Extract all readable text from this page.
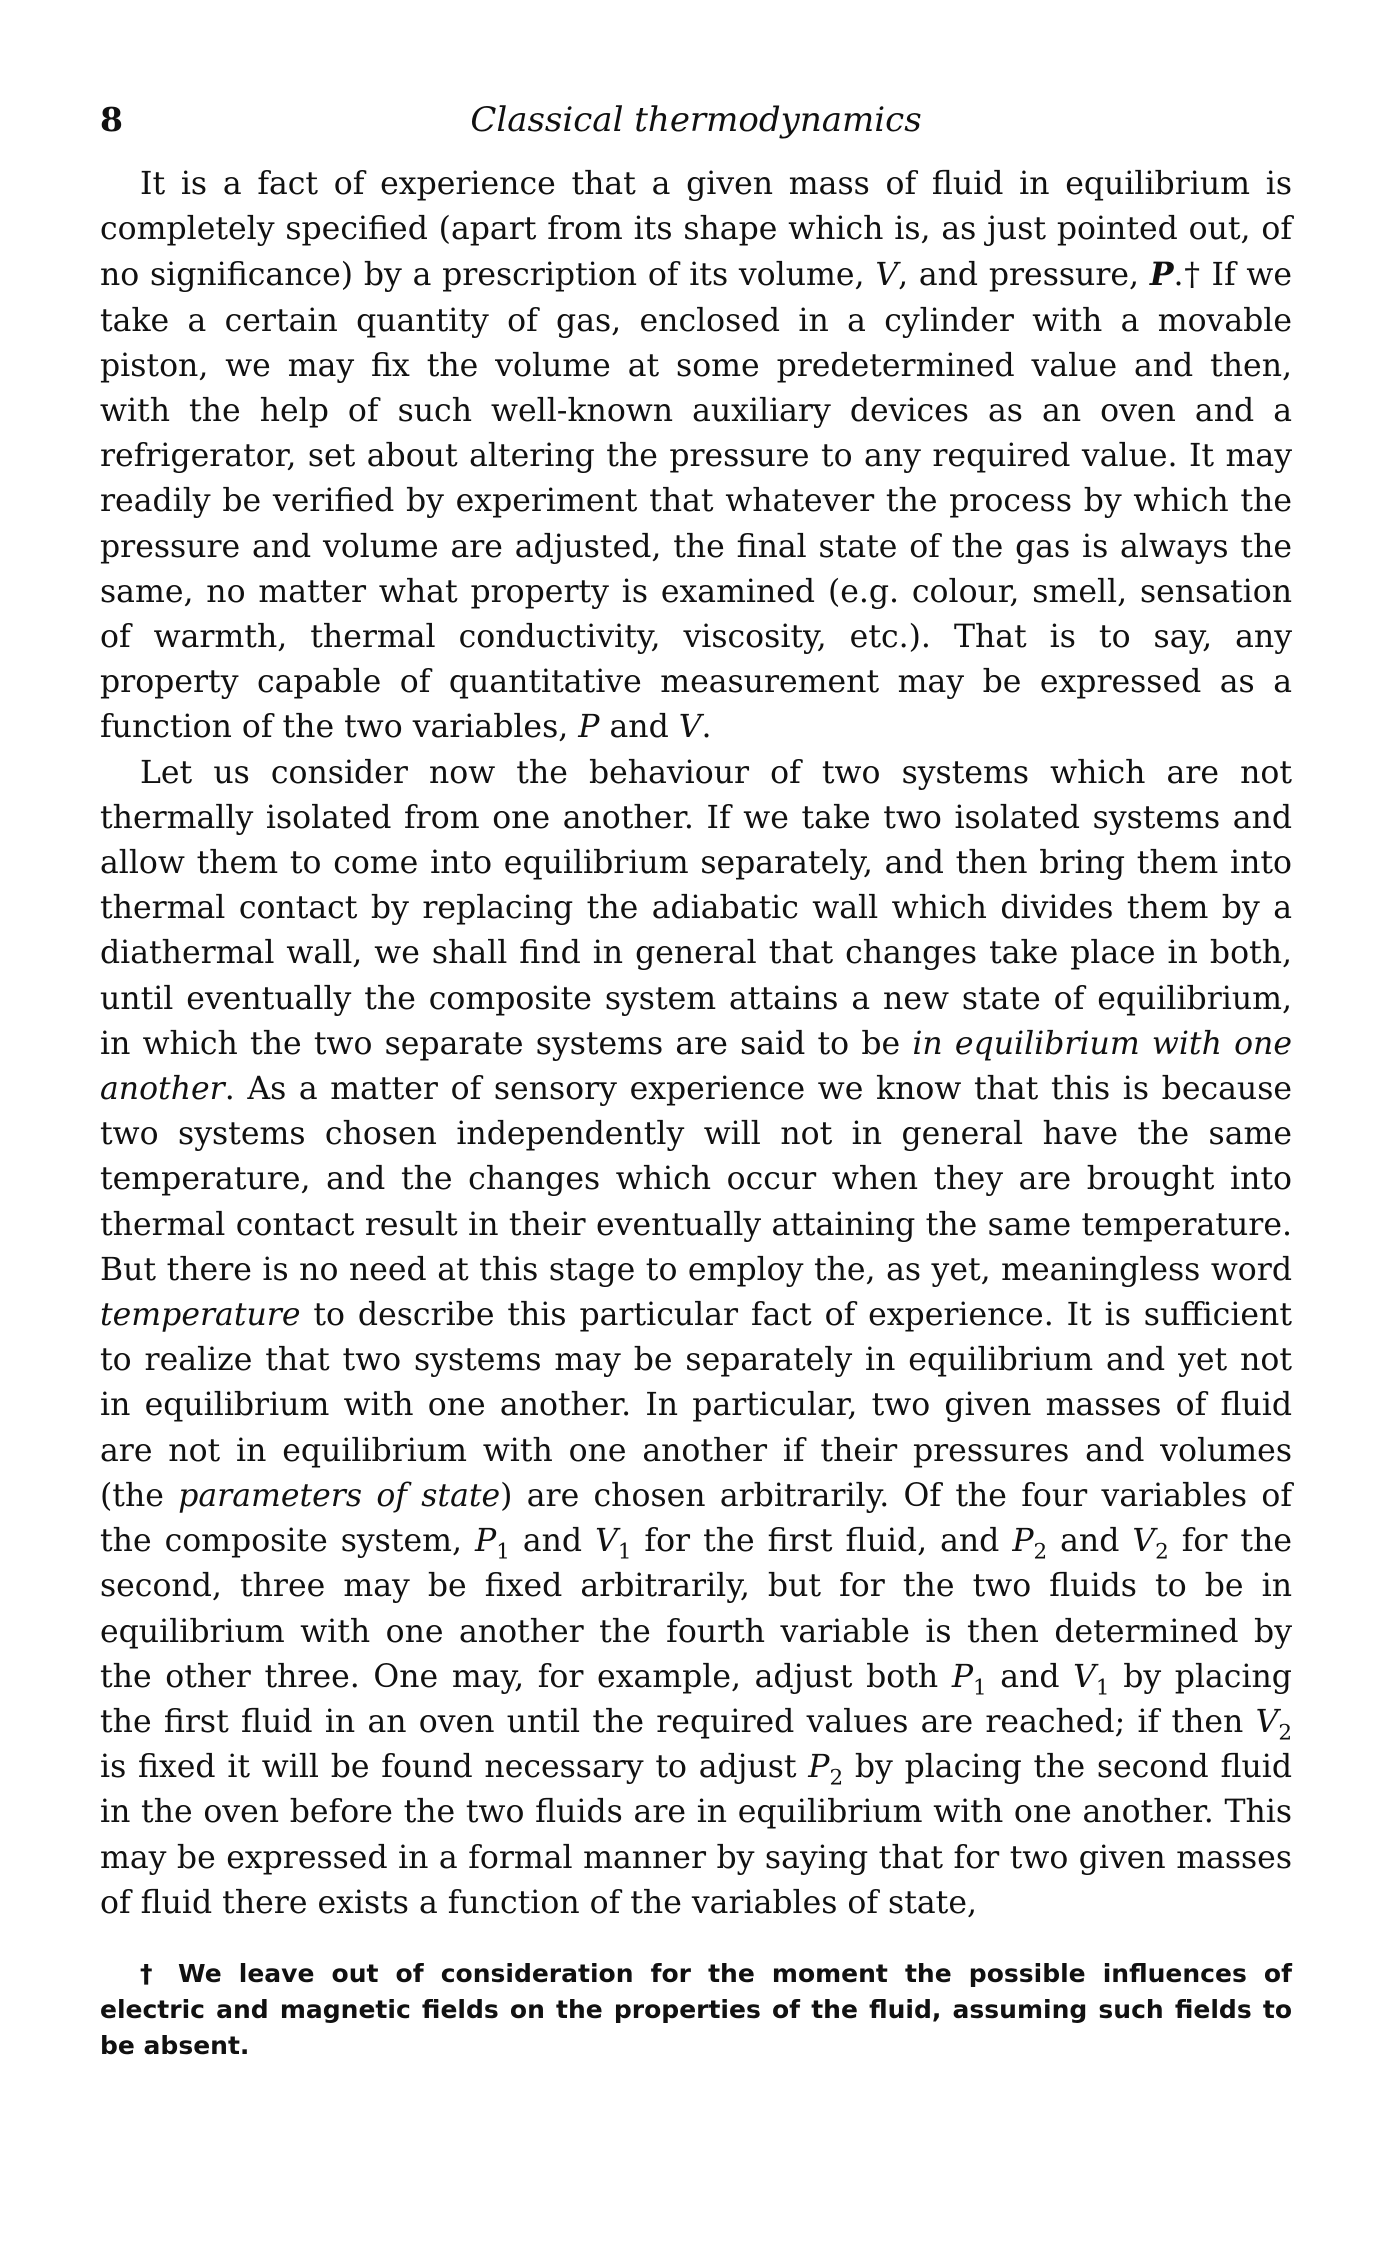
8	Classical thermodynamics

It is a fact of experience that a given mass of fluid in equilibrium is completely specified (apart from its shape which is, as just pointed out, of no significance) by a prescription of its volume, V, and pressure, P.† If we take a certain quantity of gas, enclosed in a cylinder with a movable piston, we may fix the volume at some predetermined value and then, with the help of such well-known auxiliary devices as an oven and a refrigerator, set about altering the pressure to any required value. It may readily be verified by experiment that whatever the process by which the pressure and volume are adjusted, the final state of the gas is always the same, no matter what property is examined (e.g. colour, smell, sensation of warmth, thermal conductivity, viscosity, etc.). That is to say, any property capable of quantitative measurement may be expressed as a function of the two variables, P and V.

Let us consider now the behaviour of two systems which are not thermally isolated from one another. If we take two isolated systems and allow them to come into equilibrium separately, and then bring them into thermal contact by replacing the adiabatic wall which divides them by a diathermal wall, we shall find in general that changes take place in both, until eventually the composite system attains a new state of equilibrium, in which the two separate systems are said to be in equilibrium with one another. As a matter of sensory experience we know that this is because two systems chosen independently will not in general have the same temperature, and the changes which occur when they are brought into thermal contact result in their eventually attaining the same temperature. But there is no need at this stage to employ the, as yet, meaningless word temperature to describe this particular fact of experience. It is sufficient to realize that two systems may be separately in equilibrium and yet not in equilibrium with one another. In particular, two given masses of fluid are not in equilibrium with one another if their pressures and volumes (the parameters of state) are chosen arbitrarily. Of the four variables of the composite system, $P_1$ and $V_1$ for the first fluid, and $P_2$ and $V_2$ for the second, three may be fixed arbitrarily, but for the two fluids to be in equilibrium with one another the fourth variable is then determined by the other three. One may, for example, adjust both $P_1$ and $V_1$ by placing the first fluid in an oven until the required values are reached; if then $V_2$ is fixed it will be found necessary to adjust $P_2$ by placing the second fluid in the oven before the two fluids are in equilibrium with one another. This may be expressed in a formal manner by saying that for two given masses of fluid there exists a function of the variables of state,

† We leave out of consideration for the moment the possible influences of electric and magnetic fields on the properties of the fluid, assuming such fields to be absent.
